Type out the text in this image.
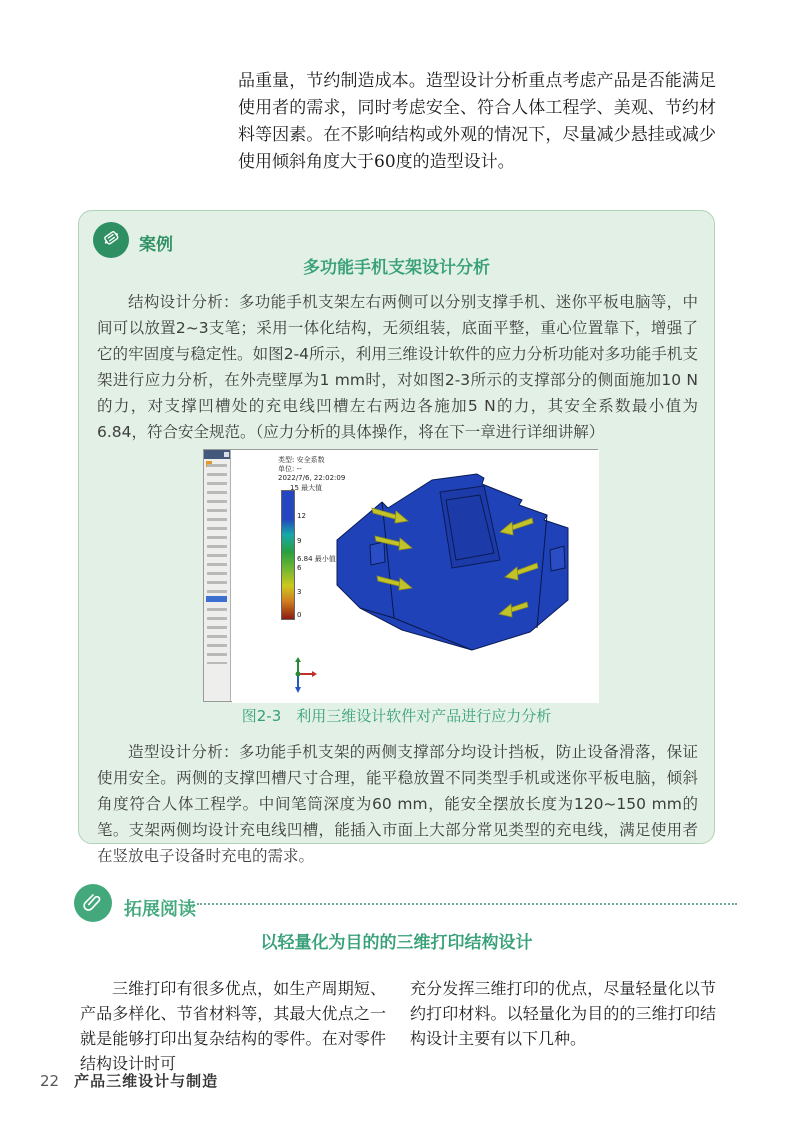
品重量，节约制造成本。造型设计分析重点考虑产品是否能满足使用者的需求，同时考虑安全、符合人体工程学、美观、节约材料等因素。在不影响结构或外观的情况下，尽量减少悬挂或减少使用倾斜角度大于60度的造型设计。

案例
多功能手机支架设计分析

结构设计分析：多功能手机支架左右两侧可以分别支撑手机、迷你平板电脑等，中间可以放置2~3支笔；采用一体化结构，无须组装，底面平整，重心位置靠下，增强了它的牢固度与稳定性。如图2-4所示，利用三维设计软件的应力分析功能对多功能手机支架进行应力分析，在外壳壁厚为1 mm时，对如图2-3所示的支撑部分的侧面施加10 N的力，对支撑凹槽处的充电线凹槽左右两边各施加5 N的力，其安全系数最小值为6.84，符合安全规范。（应力分析的具体操作，将在下一章进行详细讲解）

类型: 安全系数
单位: --
2022/7/6, 22:02:09
15 最大值
12
9
6.84 最小值
6
3
0
图2-3　利用三维设计软件对产品进行应力分析

造型设计分析：多功能手机支架的两侧支撑部分均设计挡板，防止设备滑落，保证使用安全。两侧的支撑凹槽尺寸合理，能平稳放置不同类型手机或迷你平板电脑，倾斜角度符合人体工程学。中间笔筒深度为60 mm，能安全摆放长度为120~150 mm的笔。支架两侧均设计充电线凹槽，能插入市面上大部分常见类型的充电线，满足使用者在竖放电子设备时充电的需求。

拓展阅读
以轻量化为目的的三维打印结构设计

三维打印有很多优点，如生产周期短、产品多样化、节省材料等，其最大优点之一就是能够打印出复杂结构的零件。在对零件结构设计时可

充分发挥三维打印的优点，尽量轻量化以节约打印材料。以轻量化为目的的三维打印结构设计主要有以下几种。

22 产品三维设计与制造
